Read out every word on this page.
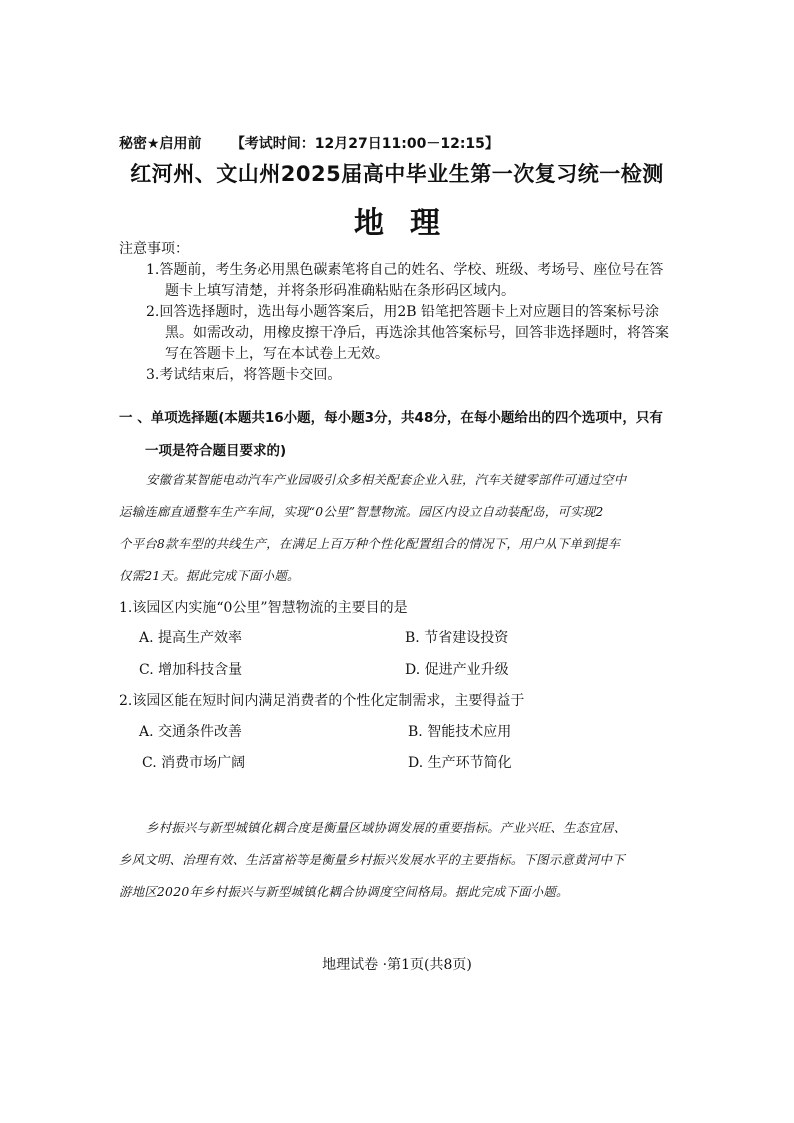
秘密★启用前 【考试时间：12月27日11:00－12:15】
红河州、文山州2025届高中毕业生第一次复习统一检测
地理
注意事项：
1.答题前，考生务必用黑色碳素笔将自己的姓名、学校、班级、考场号、座位号在答
题卡上填写清楚，并将条形码准确粘贴在条形码区域内。
2.回答选择题时，选出每小题答案后，用2B 铅笔把答题卡上对应题目的答案标号涂
黑。如需改动，用橡皮擦干净后，再选涂其他答案标号，回答非选择题时，将答案
写在答题卡上，写在本试卷上无效。
3.考试结束后，将答题卡交回。
一 、单项选择题(本题共16小题，每小题3分，共48分，在每小题给出的四个选项中，只有
一项是符合题目要求的)
安徽省某智能电动汽车产业园吸引众多相关配套企业入驻，汽车关键零部件可通过空中
运输连廊直通整车生产车间，实现“0公里”智慧物流。园区内设立自动装配岛，可实现2
个平台8款车型的共线生产，在满足上百万种个性化配置组合的情况下，用户从下单到提车
仅需21天。据此完成下面小题。
1.该园区内实施“0公里”智慧物流的主要目的是
A. 提高生产效率	B. 节省建设投资
C. 增加科技含量	D. 促进产业升级
2.该园区能在短时间内满足消费者的个性化定制需求，主要得益于
A. 交通条件改善	B. 智能技术应用
C. 消费市场广阔	D. 生产环节简化
乡村振兴与新型城镇化耦合度是衡量区域协调发展的重要指标。产业兴旺、生态宜居、
乡风文明、治理有效、生活富裕等是衡量乡村振兴发展水平的主要指标。下图示意黄河中下
游地区2020年乡村振兴与新型城镇化耦合协调度空间格局。据此完成下面小题。
地理试卷 ·第1页(共8页)
